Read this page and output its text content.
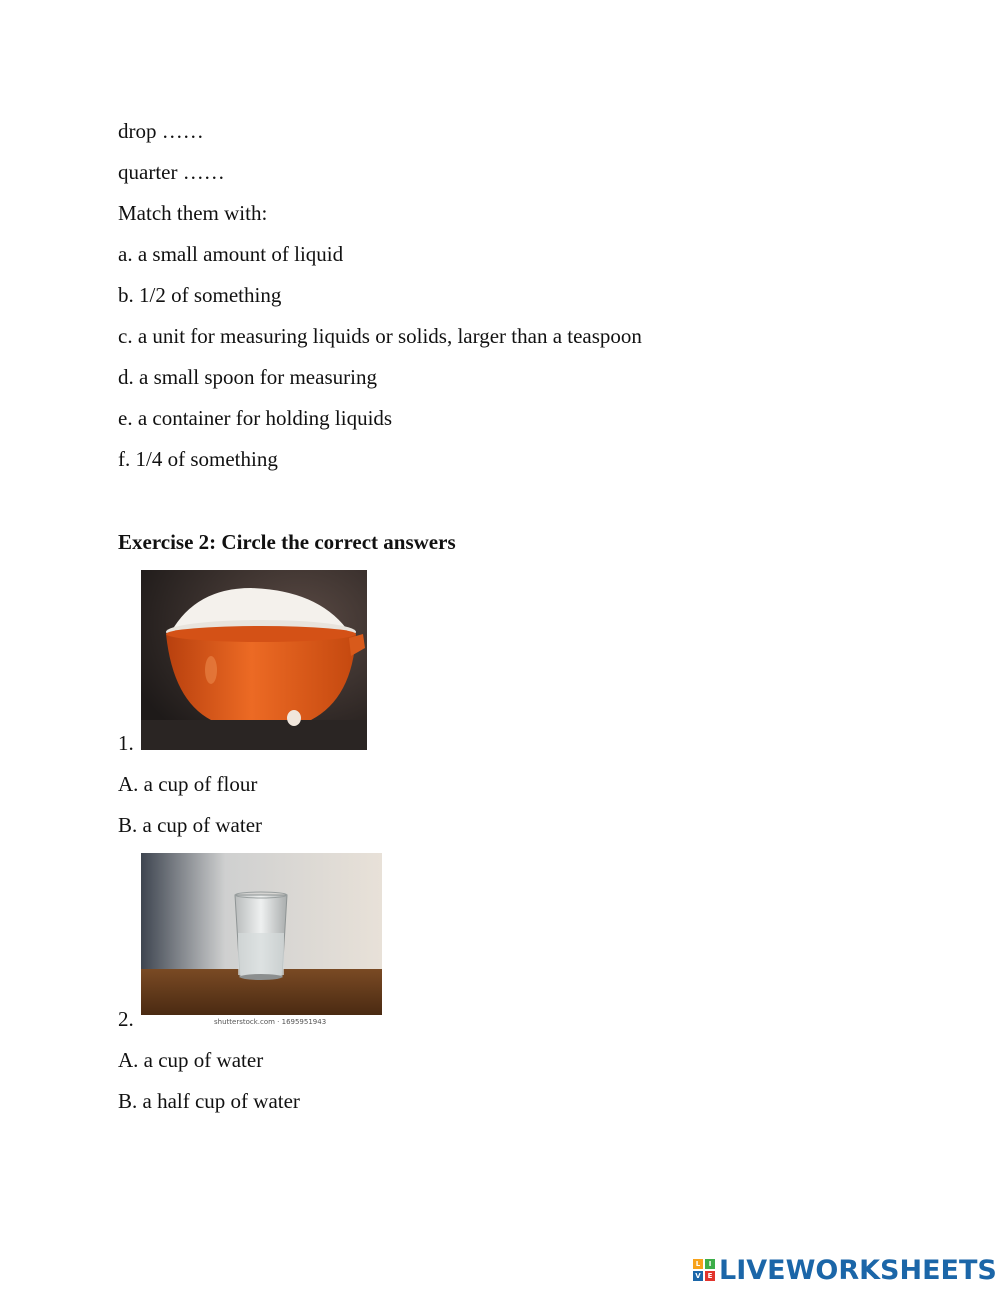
drop ……
quarter ……
Match them with:
a. a small amount of liquid
b. 1/2 of something
c. a unit for measuring liquids or solids, larger than a teaspoon
d. a small spoon for measuring
e. a container for holding liquids
f. 1/4 of something
Exercise 2: Circle the correct answers
1.
A. a cup of flour
B. a cup of water
shutterstock.com · 1695951943
2.
A. a cup of water
B. a half cup of water
L	I
V E LIVEWORKSHEETS
